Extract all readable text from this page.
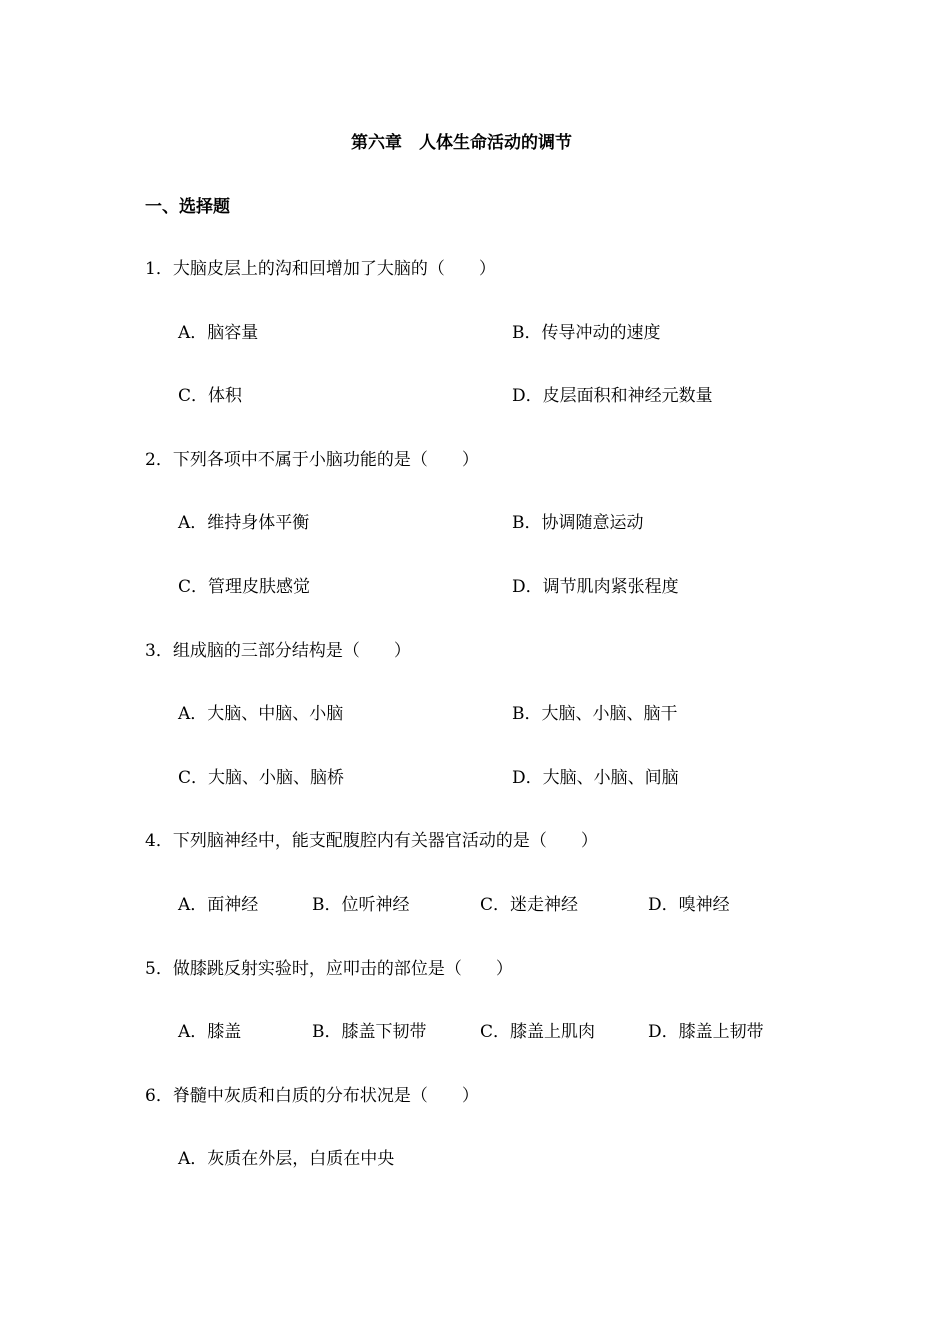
第六章　人体生命活动的调节
一、选择题
1．大脑皮层上的沟和回增加了大脑的（　　）
A．脑容量	B．传导冲动的速度
C．体积	D．皮层面积和神经元数量
2．下列各项中不属于小脑功能的是（　　）
A．维持身体平衡	B．协调随意运动
C．管理皮肤感觉	D．调节肌肉紧张程度
3．组成脑的三部分结构是（　　）
A．大脑、中脑、小脑	B．大脑、小脑、脑干
C．大脑、小脑、脑桥	D．大脑、小脑、间脑
4．下列脑神经中，能支配腹腔内有关器官活动的是（　　）
A．面神经	B．位听神经	C．迷走神经	D．嗅神经
5．做膝跳反射实验时，应叩击的部位是（　　）
A．膝盖	B．膝盖下韧带	C．膝盖上肌肉	D．膝盖上韧带
6．脊髓中灰质和白质的分布状况是（　　）
A．灰质在外层，白质在中央
